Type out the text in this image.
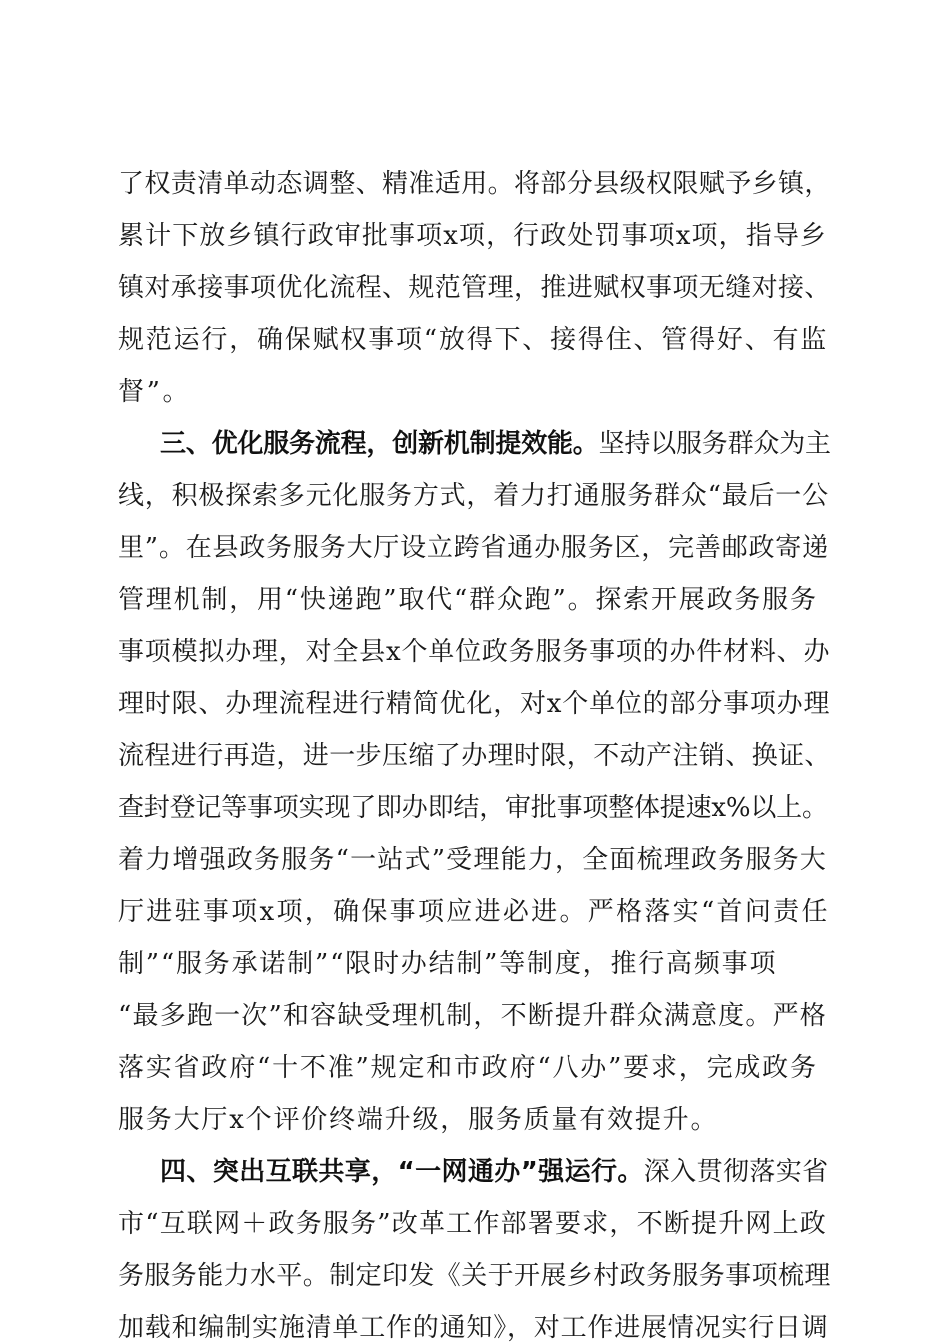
了权责清单动态调整、精准适用。将部分县级权限赋予乡镇，

累计下放乡镇行政审批事项x项，行政处罚事项x项，指导乡

镇对承接事项优化流程、规范管理，推进赋权事项无缝对接、

规范运行，确保赋权事项“放得下、接得住、管得好、有监

督”。

三、优化服务流程，创新机制提效能。坚持以服务群众为主

线，积极探索多元化服务方式，着力打通服务群众“最后一公

里”。在县政务服务大厅设立跨省通办服务区，完善邮政寄递

管理机制，用“快递跑”取代“群众跑”。探索开展政务服务

事项模拟办理，对全县x个单位政务服务事项的办件材料、办

理时限、办理流程进行精简优化，对x个单位的部分事项办理

流程进行再造，进一步压缩了办理时限，不动产注销、换证、

查封登记等事项实现了即办即结，审批事项整体提速x%以上。

着力增强政务服务“一站式”受理能力，全面梳理政务服务大

厅进驻事项x项，确保事项应进必进。严格落实“首问责任

制”“服务承诺制”“限时办结制”等制度，推行高频事项

“最多跑一次”和容缺受理机制，不断提升群众满意度。严格

落实省政府“十不准”规定和市政府“八办”要求，完成政务

服务大厅x个评价终端升级，服务质量有效提升。

四、突出互联共享，“一网通办”强运行。深入贯彻落实省

市“互联网＋政务服务”改革工作部署要求，不断提升网上政

务服务能力水平。制定印发《关于开展乡村政务服务事项梳理

加载和编制实施清单工作的通知》，对工作进展情况实行日调
